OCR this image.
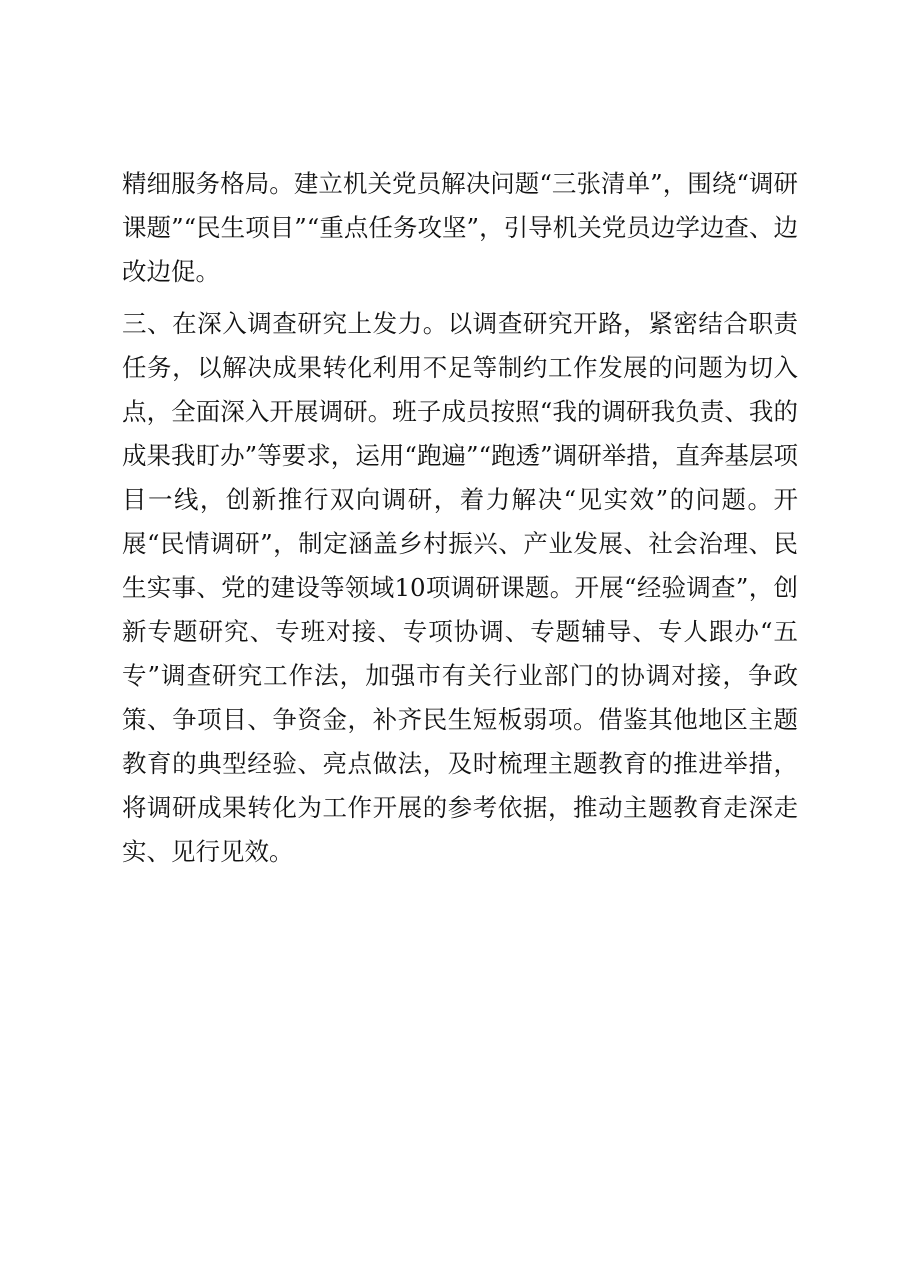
精细服务格局。建立机关党员解决问题“三张清单”，围绕“调研课题”“民生项目”“重点任务攻坚”，引导机关党员边学边查、边改边促。

三、在深入调查研究上发力。以调查研究开路，紧密结合职责任务，以解决成果转化利用不足等制约工作发展的问题为切入点，全面深入开展调研。班子成员按照“我的调研我负责、我的成果我盯办”等要求，运用“跑遍”“跑透”调研举措，直奔基层项目一线，创新推行双向调研，着力解决“见实效”的问题。开展“民情调研”，制定涵盖乡村振兴、产业发展、社会治理、民生实事、党的建设等领域10项调研课题。开展“经验调查”，创新专题研究、专班对接、专项协调、专题辅导、专人跟办“五专”调查研究工作法，加强市有关行业部门的协调对接，争政策、争项目、争资金，补齐民生短板弱项。借鉴其他地区主题教育的典型经验、亮点做法，及时梳理主题教育的推进举措，将调研成果转化为工作开展的参考依据，推动主题教育走深走实、见行见效。
